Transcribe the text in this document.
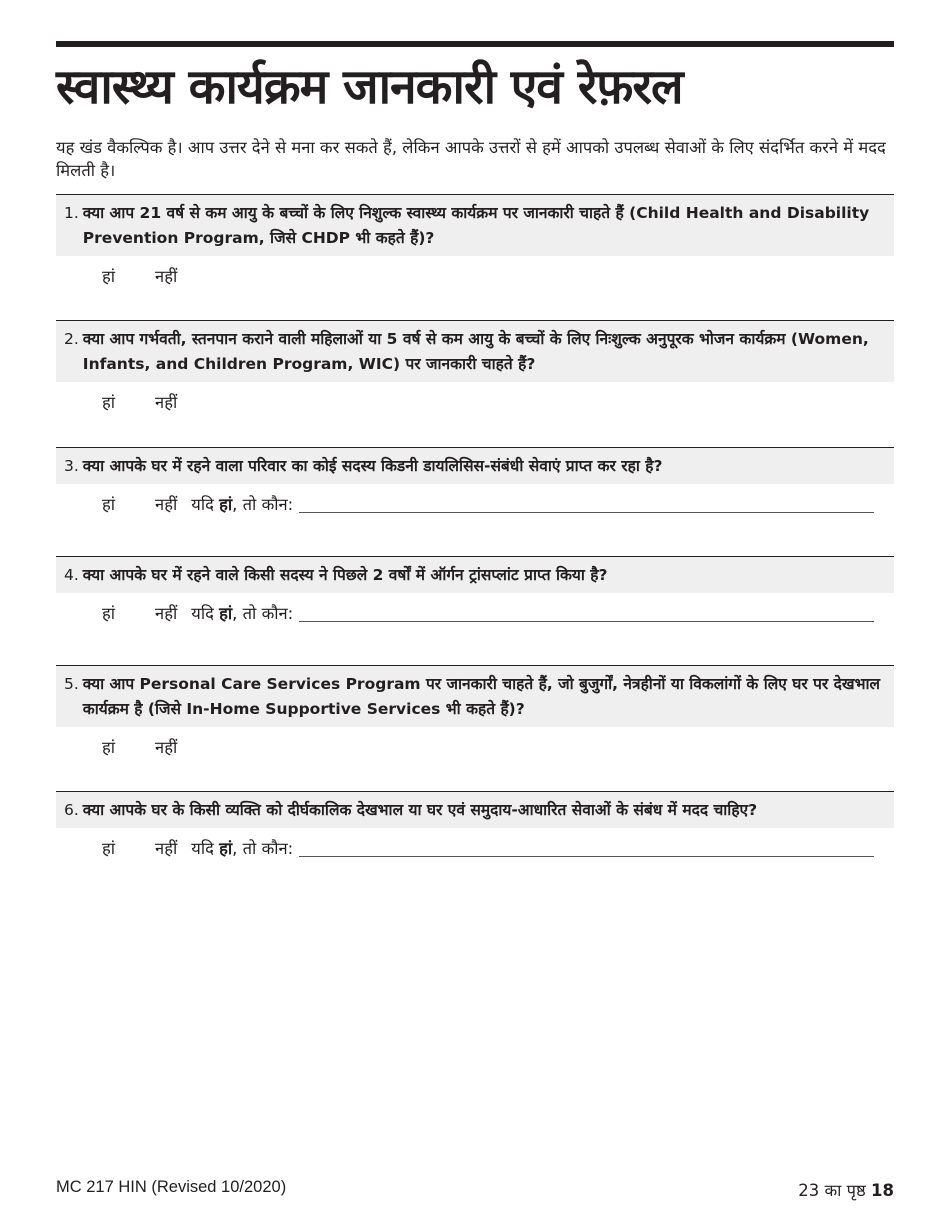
स्वास्थ्य कार्यक्रम जानकारी एवं रेफ़रल
यह खंड वैकल्पिक है। आप उत्तर देने से मना कर सकते हैं, लेकिन आपके उत्तरों से हमें आपको उपलब्ध सेवाओं के लिए संदर्भित करने में मदद मिलती है।
1. क्या आप 21 वर्ष से कम आयु के बच्चों के लिए निशुल्क स्वास्थ्य कार्यक्रम पर जानकारी चाहते हैं (Child Health and Disability Prevention Program, जिसे CHDP भी कहते हैं)?
हां नहीं
2. क्या आप गर्भवती, स्तनपान कराने वाली महिलाओं या 5 वर्ष से कम आयु के बच्चों के लिए निःशुल्क अनुपूरक भोजन कार्यक्रम (Women, Infants, and Children Program, WIC) पर जानकारी चाहते हैं?
हां नहीं
3. क्या आपके घर में रहने वाला परिवार का कोई सदस्य किडनी डायलिसिस-संबंधी सेवाएं प्राप्त कर रहा है?
हां नहीं यदि हां, तो कौन:
4. क्या आपके घर में रहने वाले किसी सदस्य ने पिछले 2 वर्षों में ऑर्गन ट्रांसप्लांट प्राप्त किया है?
हां नहीं यदि हां, तो कौन:
5. क्या आप Personal Care Services Program पर जानकारी चाहते हैं, जो बुजुर्गों, नेत्रहीनों या विकलांगों के लिए घर पर देखभाल कार्यक्रम है (जिसे In-Home Supportive Services भी कहते हैं)?
हां नहीं
6. क्या आपके घर के किसी व्यक्ति को दीर्घकालिक देखभाल या घर एवं समुदाय-आधारित सेवाओं के संबंध में मदद चाहिए?
हां नहीं यदि हां, तो कौन:
MC 217 HIN (Revised 10/2020)	23 का पृष्ठ 18
